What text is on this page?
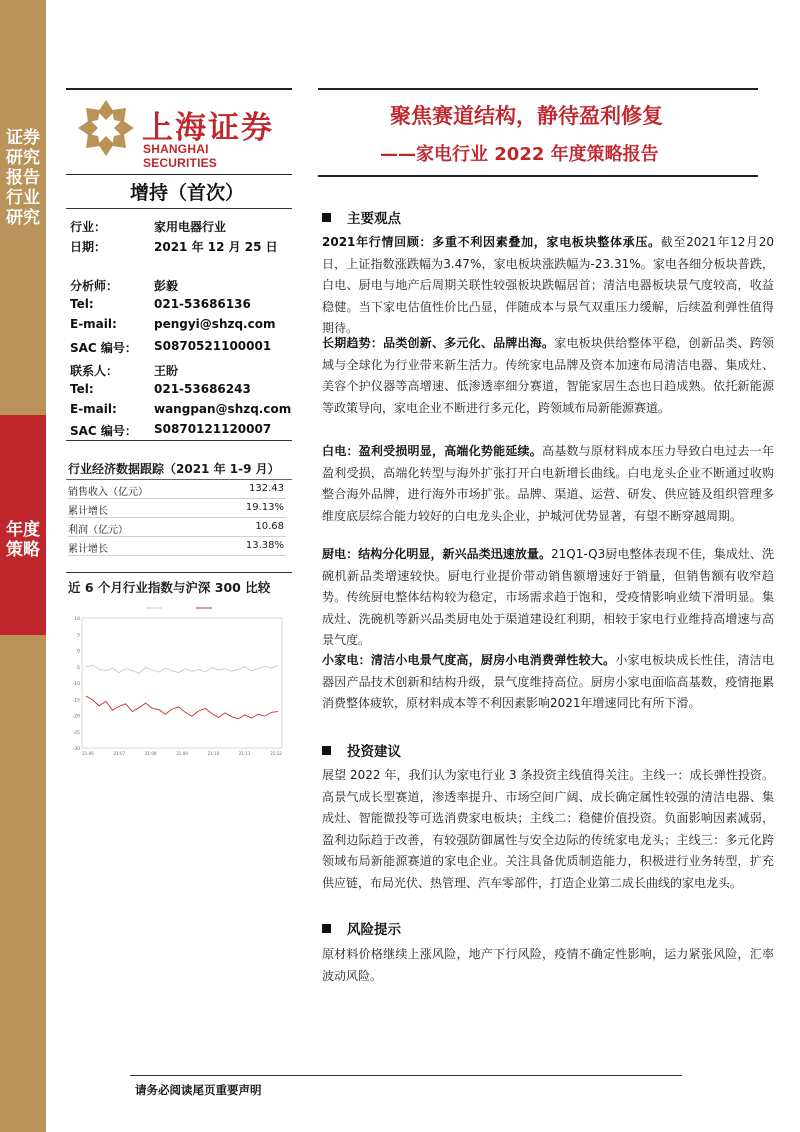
证券研究报告 行业研究
年度策略
上海证券
SHANGHAI SECURITIES
聚焦赛道结构，静待盈利修复
——家电行业 2022 年度策略报告
增持（首次）
行业：	家用电器行业
日期：	2021 年 12 月 25 日
分析师：	彭毅
Tel:	021-53686136
E-mail:	pengyi@shzq.com
SAC 编号： S0870521100001
联系人：	王盼
Tel:	021-53686243
E-mail:	wangpan@shzq.com
SAC 编号： S0870121120007
行业经济数据跟踪（2021 年 1-9 月）
销售收入（亿元）	132.43
累计增长	19.13%
利润（亿元）	10.68
累计增长	13.38%
近 6 个月行业指数与沪深 300 比较
10
5
0
-5
-10
-15
-20
-25
-30
21-06	21-07	21-08	21-09	21-10	21-11	21-12
主要观点
2021年行情回顾：多重不利因素叠加，家电板块整体承压。截至2021年12月20日，上证指数涨跌幅为3.47%，家电板块涨跌幅为-23.31%。家电各细分板块普跌，白电、厨电与地产后周期关联性较强板块跌幅居首；清洁电器板块景气度较高，收益稳健。当下家电估值性价比凸显，伴随成本与景气双重压力缓解，后续盈利弹性值得期待。
长期趋势：品类创新、多元化、品牌出海。家电板块供给整体平稳，创新品类、跨领域与全球化为行业带来新生活力。传统家电品牌及资本加速布局清洁电器、集成灶、美容个护仪器等高增速、低渗透率细分赛道，智能家居生态也日趋成熟。依托新能源等政策导向，家电企业不断进行多元化，跨领域布局新能源赛道。
白电：盈利受损明显，高端化势能延续。高基数与原材料成本压力导致白电过去一年盈利受损，高端化转型与海外扩张打开白电新增长曲线。白电龙头企业不断通过收购整合海外品牌，进行海外市场扩张。品牌、渠道、运营、研发、供应链及组织管理多维度底层综合能力较好的白电龙头企业，护城河优势显著，有望不断穿越周期。
厨电：结构分化明显，新兴品类迅速放量。21Q1-Q3厨电整体表现不佳，集成灶、洗碗机新品类增速较快。厨电行业提价带动销售额增速好于销量，但销售额有收窄趋势。传统厨电整体结构较为稳定，市场需求趋于饱和，受疫情影响业绩下滑明显。集成灶、洗碗机等新兴品类厨电处于渠道建设红利期，相较于家电行业维持高增速与高景气度。
小家电：清洁小电景气度高，厨房小电消费弹性较大。小家电板块成长性佳，清洁电器因产品技术创新和结构升级，景气度维持高位。厨房小家电面临高基数，疫情拖累消费整体疲软，原材料成本等不利因素影响2021年增速同比有所下滑。
投资建议
展望 2022 年，我们认为家电行业 3 条投资主线值得关注。主线一：成长弹性投资。高景气成长型赛道，渗透率提升、市场空间广阔、成长确定属性较强的清洁电器、集成灶、智能微投等可选消费家电板块；主线二：稳健价值投资。负面影响因素减弱，盈利边际趋于改善，有较强防御属性与安全边际的传统家电龙头；主线三：多元化跨领域布局新能源赛道的家电企业。关注具备优质制造能力，积极进行业务转型，扩充供应链，布局光伏、热管理、汽车零部件，打造企业第二成长曲线的家电龙头。
风险提示
原材料价格继续上涨风险，地产下行风险，疫情不确定性影响，运力紧张风险，汇率波动风险。
请务必阅读尾页重要声明
